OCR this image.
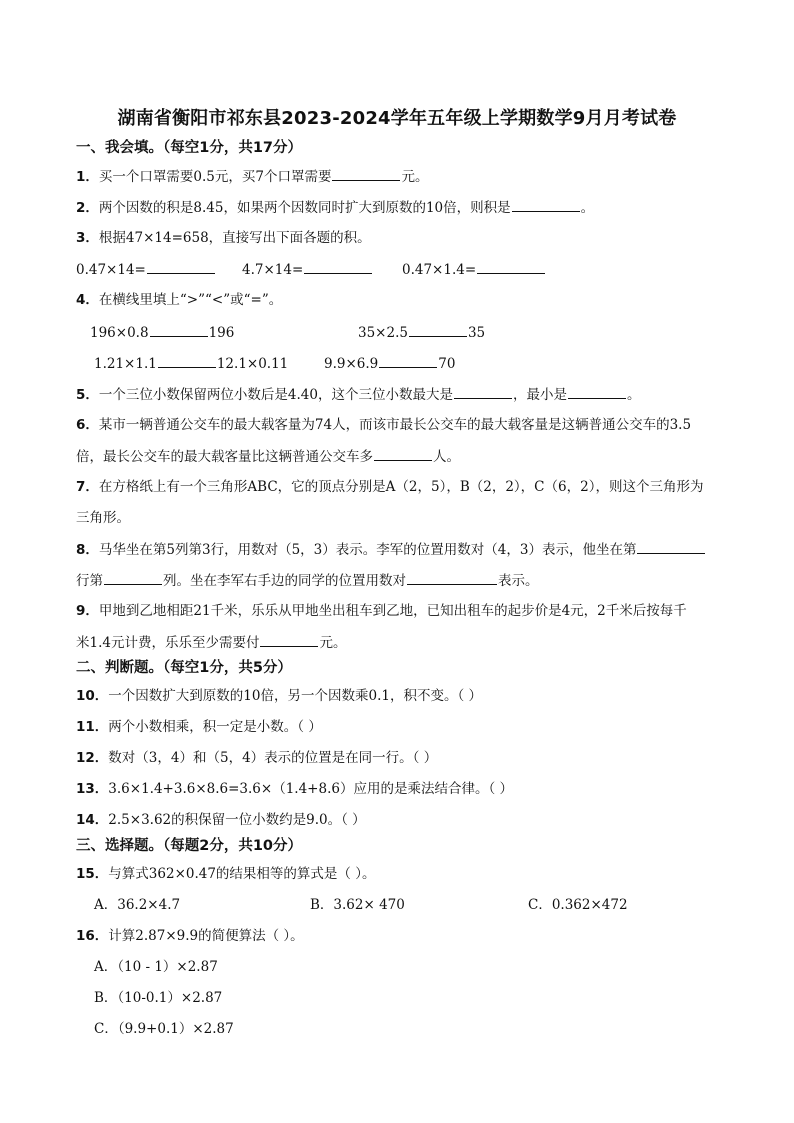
湖南省衡阳市祁东县2023-2024学年五年级上学期数学9月月考试卷
一、我会填。（每空1分，共17分）
1．买一个口罩需要0.5元，买7个口罩需要	元。
2．两个因数的积是8.45，如果两个因数同时扩大到原数的10倍，则积是	。
3．根据47×14=658，直接写出下面各题的积。
0.47×14=	4.7×14=	0.47×1.4=
4．在横线里填上“>”“<”或“=”。
196×0.8	196	35×2.5	35
1.21×1.1	12.1×0.11	9.9×6.9	70
5．一个三位小数保留两位小数后是4.40，这个三位小数最大是	，最小是	。
6．某市一辆普通公交车的最大载客量为74人，而该市最长公交车的最大载客量是这辆普通公交车的3.5
倍，最长公交车的最大载客量比这辆普通公交车多	人。
7．在方格纸上有一个三角形ABC，它的顶点分别是A（2，5），B（2，2），C（6，2），则这个三角形为
三角形。
8．马华坐在第5列第3行，用数对（5，3）表示。李军的位置用数对（4，3）表示，他坐在第
行第	列。坐在李军右手边的同学的位置用数对	表示。
9．甲地到乙地相距21千米，乐乐从甲地坐出租车到乙地，已知出租车的起步价是4元，2千米后按每千
米1.4元计费，乐乐至少需要付	元。
二、判断题。（每空1分，共5分）
10．一个因数扩大到原数的10倍，另一个因数乘0.1，积不变。（ ）
11．两个小数相乘，积一定是小数。（ ）
12．数对（3，4）和（5，4）表示的位置是在同一行。（ ）
13．3.6×1.4+3.6×8.6=3.6×（1.4+8.6）应用的是乘法结合律。（ ）
14．2.5×3.62的积保留一位小数约是9.0。（ ）
三、选择题。（每题2分，共10分）
15．与算式362×0.47的结果相等的算式是（ ）。
A．36.2×4.7	B．3.62× 470	C．0.362×472
16．计算2.87×9.9的简便算法（ ）。
A．（10 - 1）×2.87
B．（10-0.1）×2.87
C．（9.9+0.1）×2.87
